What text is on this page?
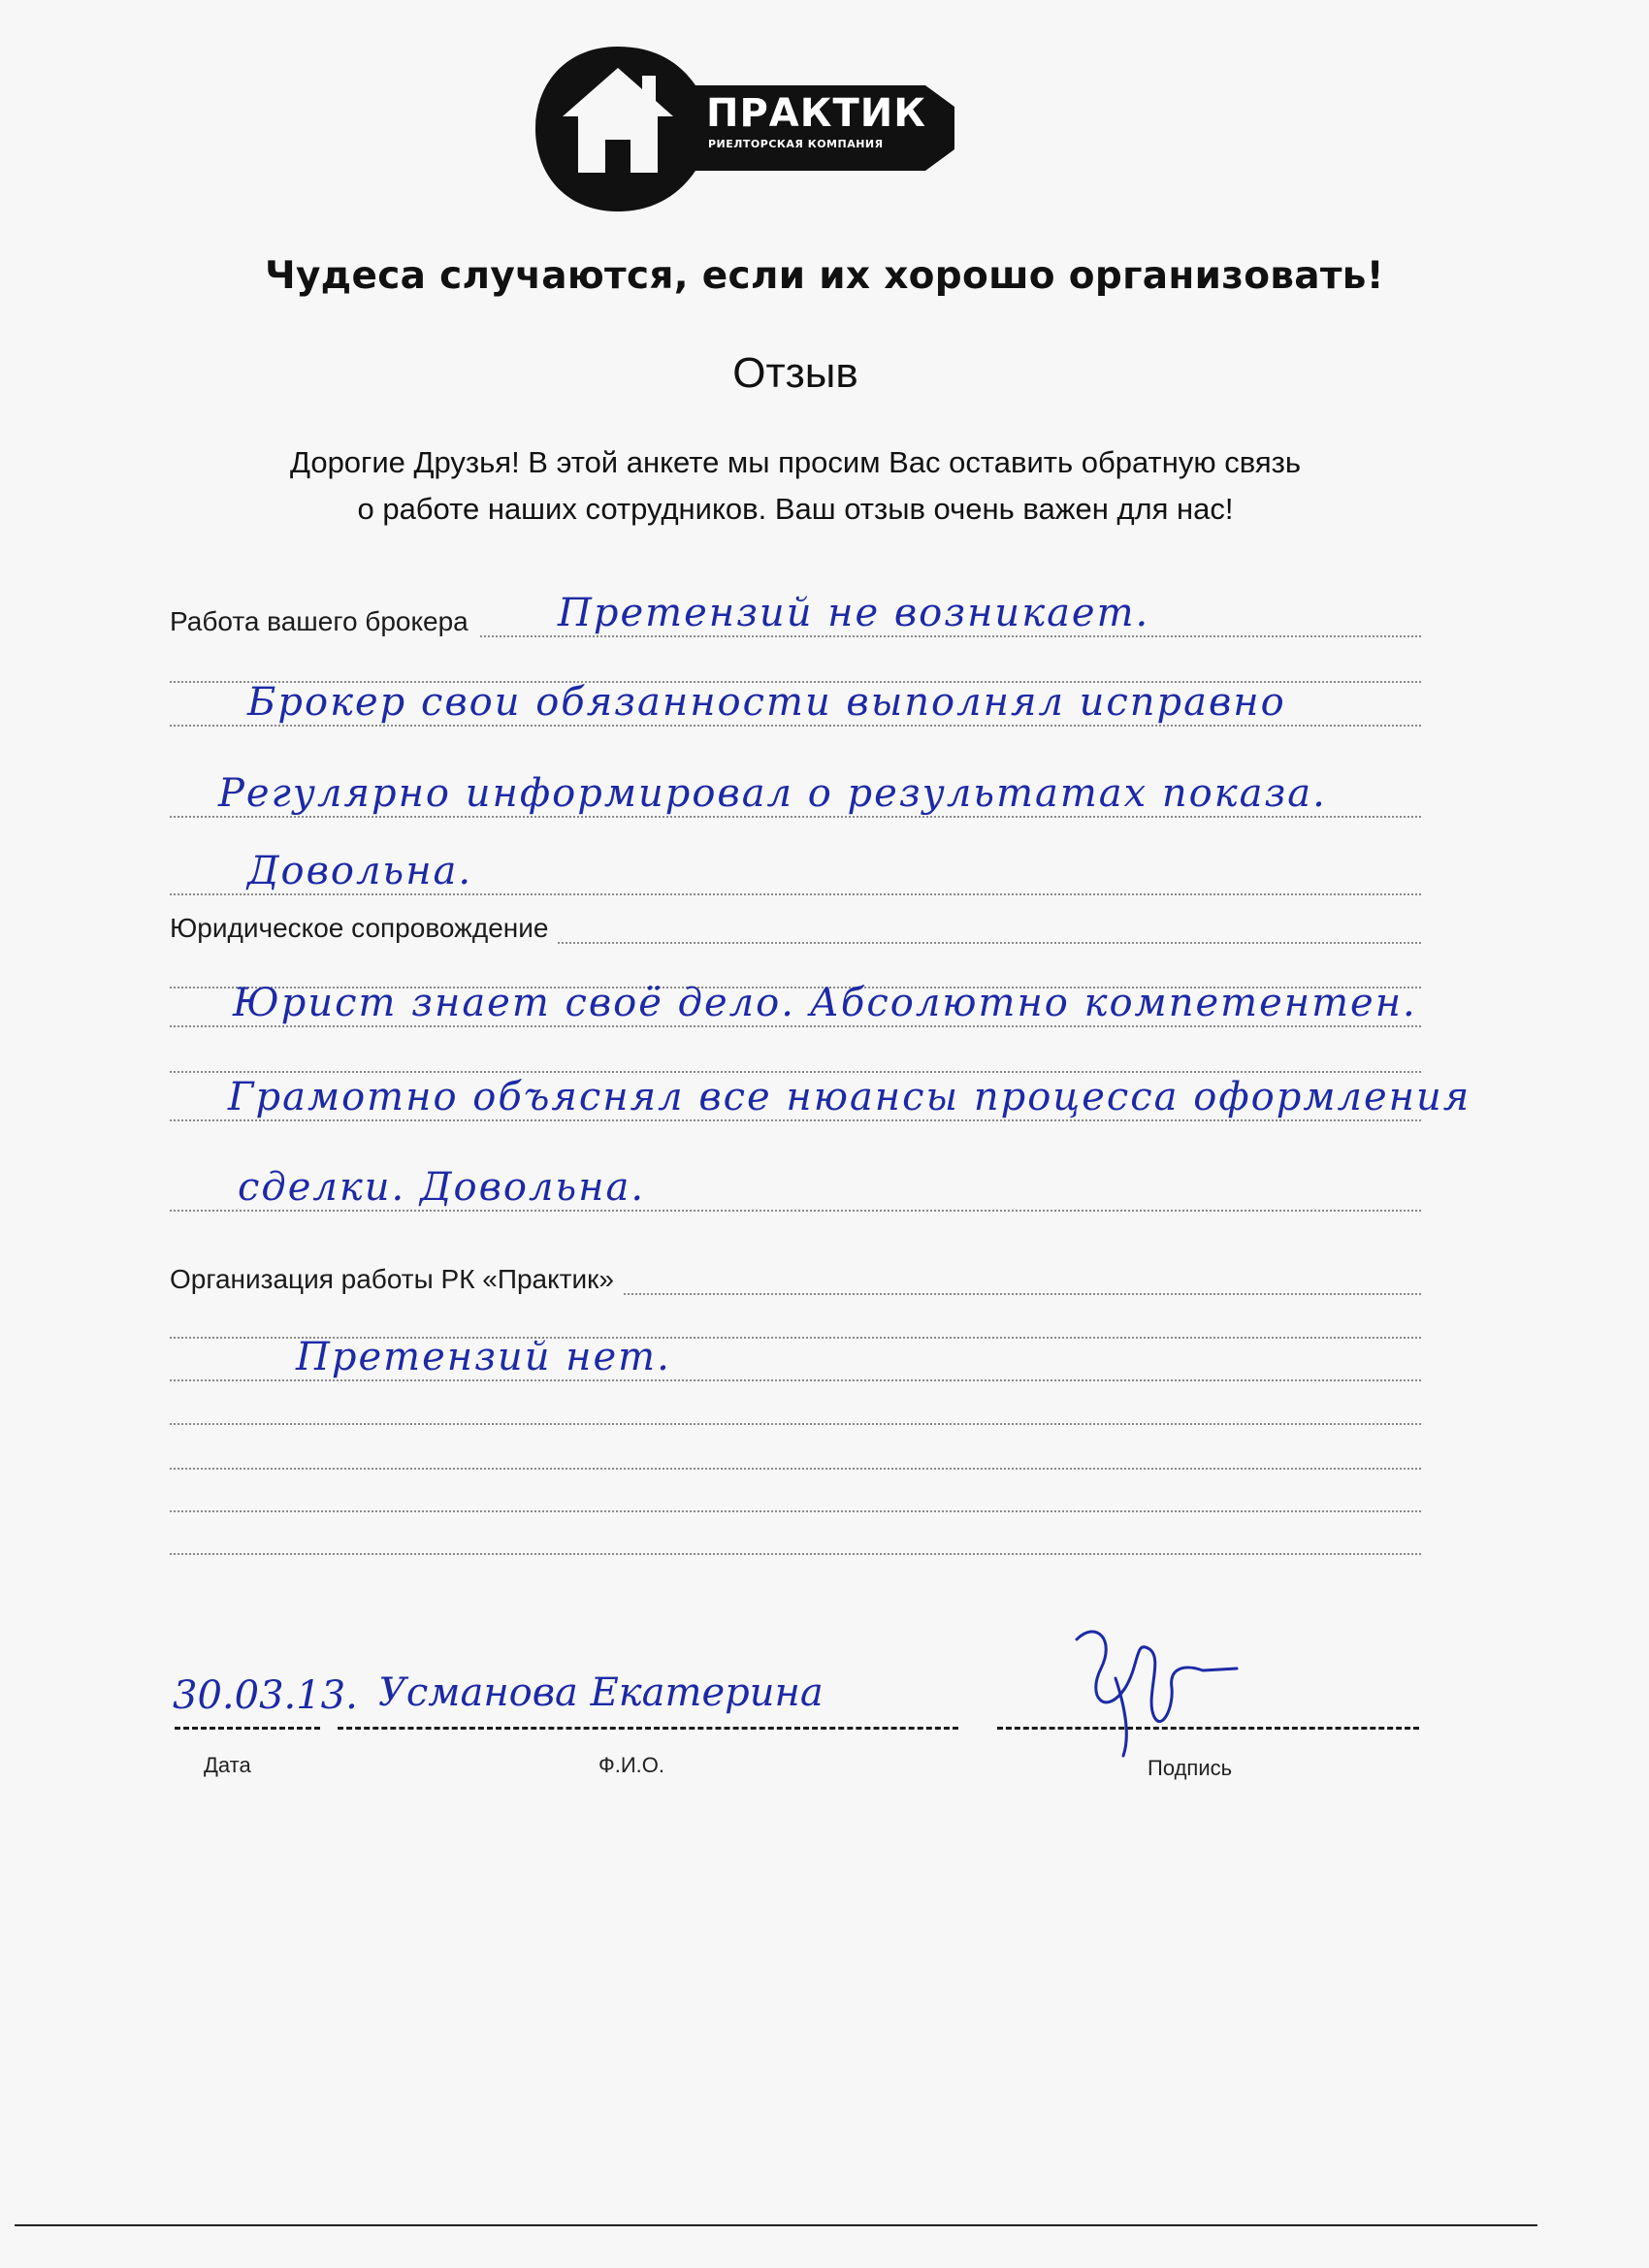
ПРАКТИК
РИЕЛТОРСКАЯ КОМПАНИЯ
Чудеса случаются, если их хорошо организовать!
Отзыв
Дорогие Друзья! В этой анкете мы просим Вас оставить обратную связь
о работе наших сотрудников. Ваш отзыв очень важен для нас!
Работа вашего брокера Претензий не возникает.
Брокер свои обязанности выполнял исправно
Регулярно информировал о результатах показа.
Довольна.
Юридическое сопровождение
Юрист знает своё дело. Абсолютно компетентен.
Грамотно объяснял все нюансы процесса оформления
сделки. Довольна.
Организация работы РК «Практик»
Претензий нет.
30.03.13. Усманова Екатерина
Дата	Ф.И.О.	Подпись
